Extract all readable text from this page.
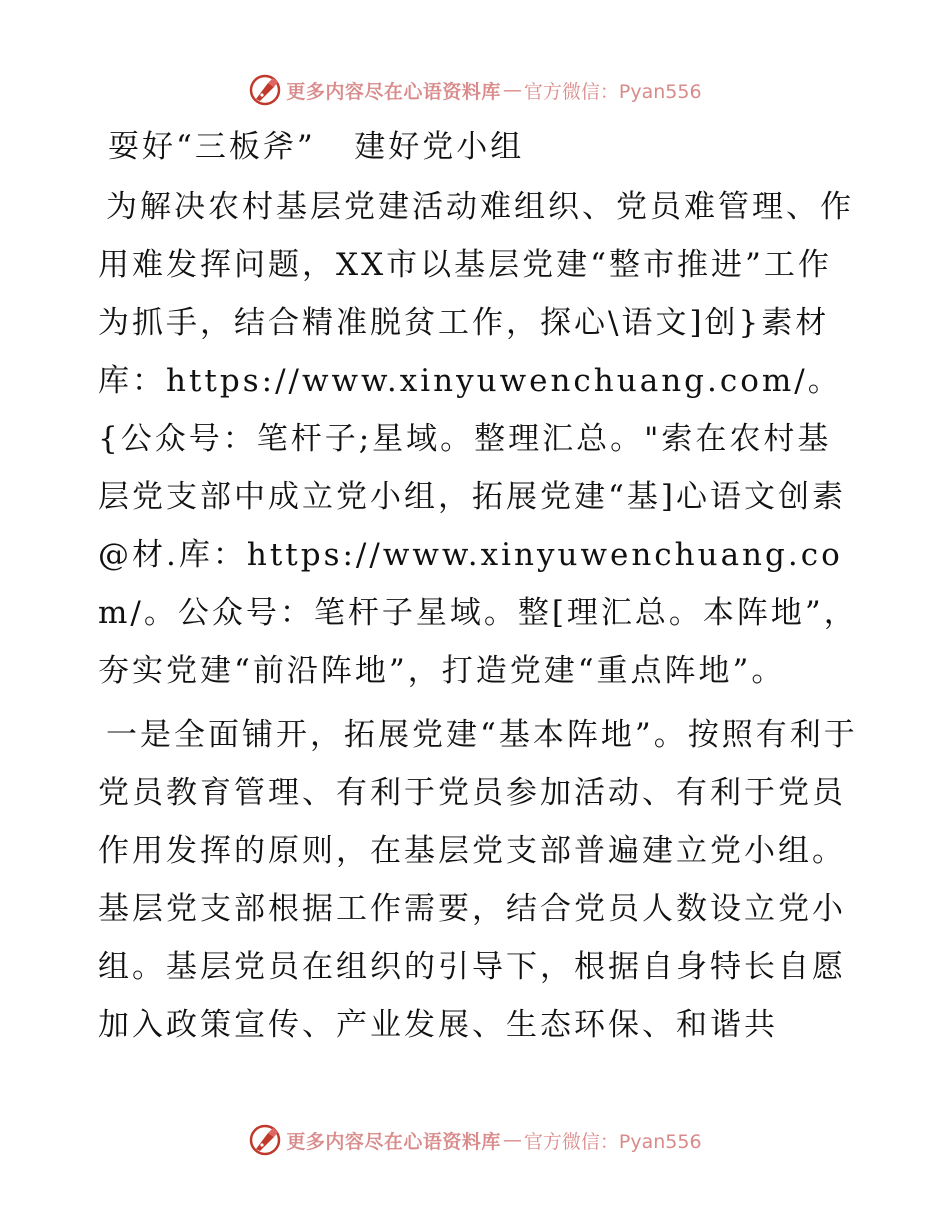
更多内容尽在心语资料库 — 官方微信：Pyan556
耍好“三板斧”   建好党小组

为解决农村基层党建活动难组织、党员难管理、作用难发挥问题，XX市以基层党建“整市推进”工作为抓手，结合精准脱贫工作，探心\语文]创}素材库：https://www.xinyuwenchuang.com/。{公众号：笔杆子;星域。整理汇总。"索在农村基层党支部中成立党小组，拓展党建“基]心语文创素@材.库：https://www.xinyuwenchuang.com/。公众号：笔杆子星域。整[理汇总。本阵地”，夯实党建“前沿阵地”，打造党建“重点阵地”。

一是全面铺开，拓展党建“基本阵地”。按照有利于党员教育管理、有利于党员参加活动、有利于党员作用发挥的原则，在基层党支部普遍建立党小组。基层党支部根据工作需要，结合党员人数设立党小组。基层党员在组织的引导下，根据自身特长自愿加入政策宣传、产业发展、生态环保、和谐共

更多内容尽在心语资料库 — 官方微信：Pyan556
